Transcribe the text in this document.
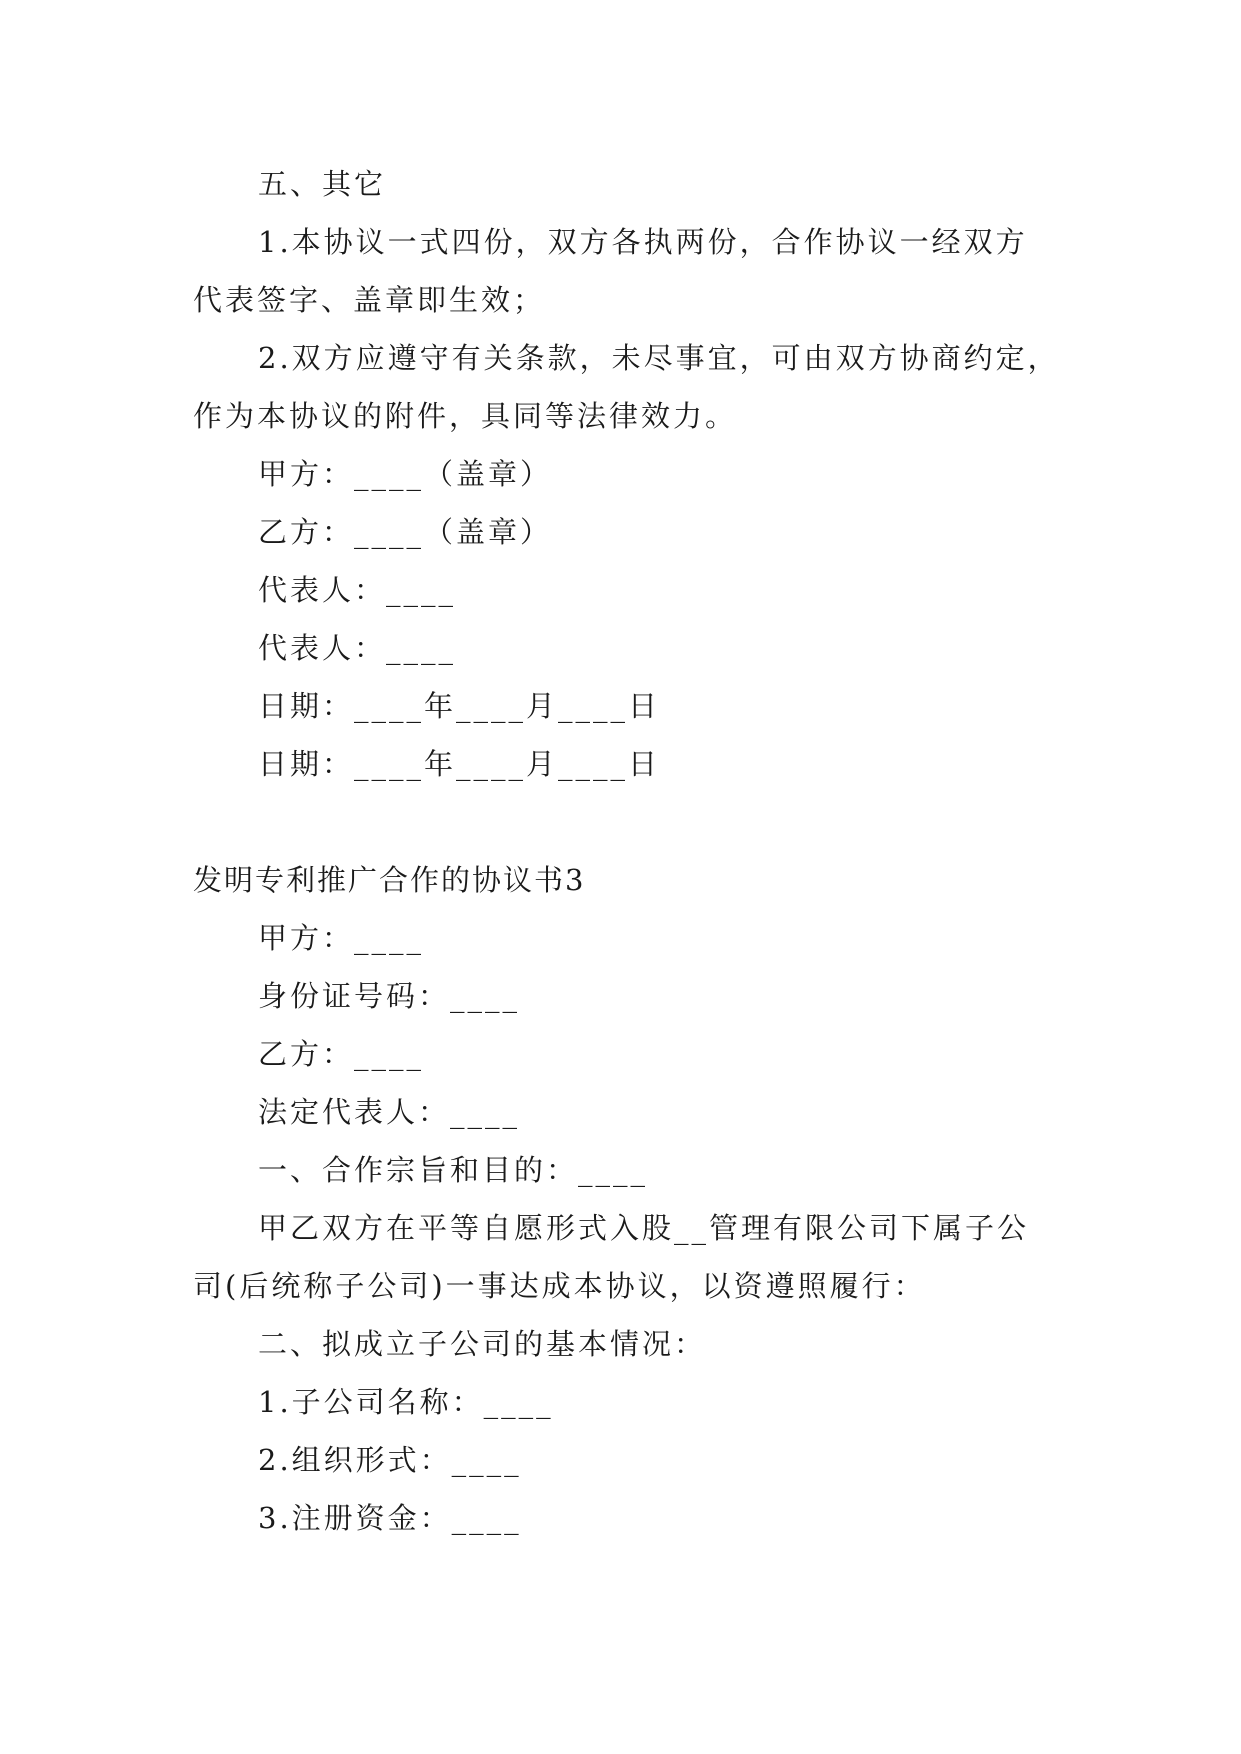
五、其它
1.本协议一式四份，双方各执两份，合作协议一经双方
代表签字、盖章即生效；
2.双方应遵守有关条款，未尽事宜，可由双方协商约定，
作为本协议的附件，具同等法律效力。
甲方：____（盖章）
乙方：____（盖章）
代表人：____
代表人：____
日期：____年____月____日
日期：____年____月____日
发明专利推广合作的协议书3
甲方：____
身份证号码：____
乙方：____
法定代表人：____
一、合作宗旨和目的：____
甲乙双方在平等自愿形式入股__管理有限公司下属子公
司(后统称子公司)一事达成本协议，以资遵照履行：
二、拟成立子公司的基本情况：
1.子公司名称：____
2.组织形式：____
3.注册资金：____
